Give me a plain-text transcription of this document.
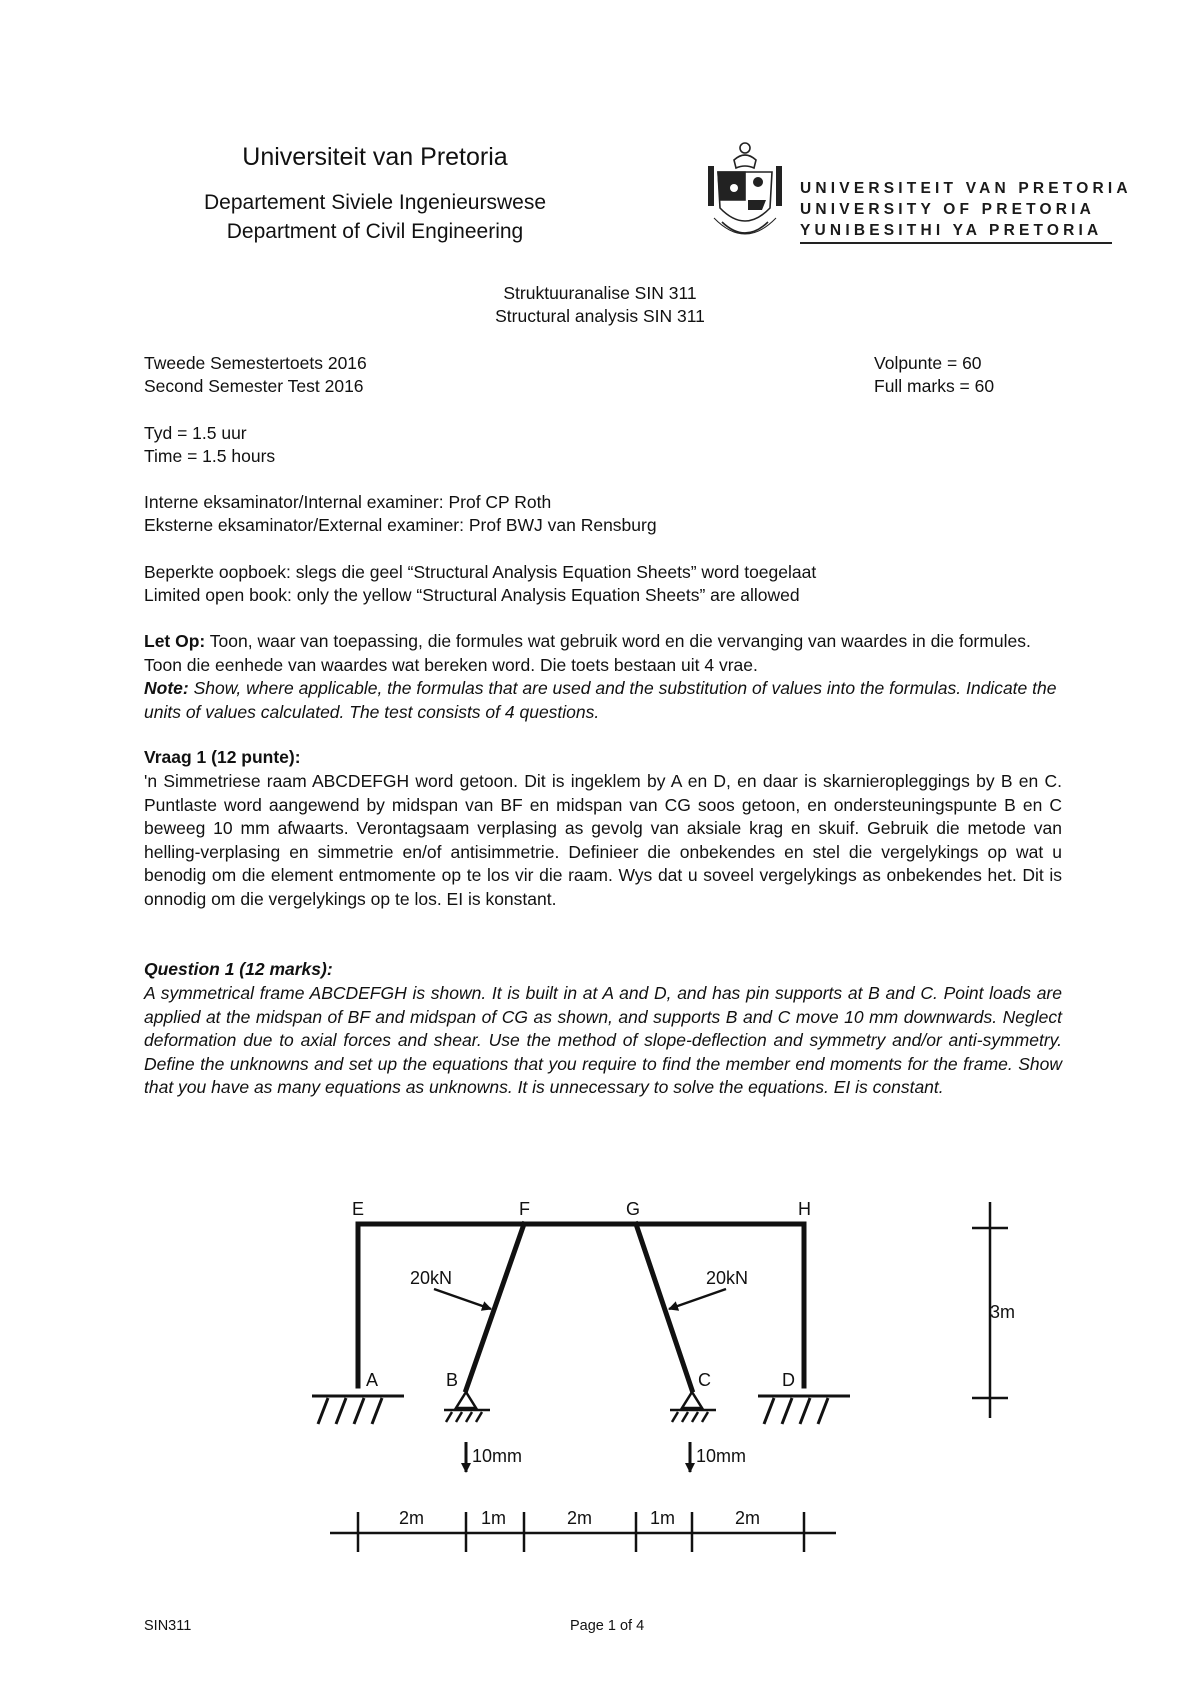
Universiteit van Pretoria
Departement Siviele Ingenieurswese
Department of Civil Engineering
UNIVERSITEIT VAN PRETORIA
UNIVERSITY OF PRETORIA
YUNIBESITHI YA PRETORIA
Struktuuranalise SIN 311
Structural analysis SIN 311
Tweede Semestertoets 2016
Second Semester Test 2016
Volpunte = 60
Full marks = 60
Tyd = 1.5 uur
Time = 1.5 hours
Interne eksaminator/Internal examiner: Prof CP Roth
Eksterne eksaminator/External examiner: Prof BWJ van Rensburg
Beperkte oopboek: slegs die geel “Structural Analysis Equation Sheets” word toegelaat
Limited open book: only the yellow “Structural Analysis Equation Sheets” are allowed
Let Op: Toon, waar van toepassing, die formules wat gebruik word en die vervanging van waardes in die formules. Toon die eenhede van waardes wat bereken word. Die toets bestaan uit 4 vrae.
Note: Show, where applicable, the formulas that are used and the substitution of values into the formulas. Indicate the units of values calculated. The test consists of 4 questions.
Vraag 1 (12 punte):
'n Simmetriese raam ABCDEFGH word getoon. Dit is ingeklem by A en D, en daar is skarnieropleggings by B en C. Puntlaste word aangewend by midspan van BF en midspan van CG soos getoon, en ondersteuningspunte B en C beweeg 10 mm afwaarts. Verontagsaam verplasing as gevolg van aksiale krag en skuif. Gebruik die metode van helling-verplasing en simmetrie en/of antisimmetrie. Definieer die onbekendes en stel die vergelykings op wat u benodig om die element entmomente op te los vir die raam. Wys dat u soveel vergelykings as onbekendes het. Dit is onnodig om die vergelykings op te los. EI is konstant.
Question 1 (12 marks):
A symmetrical frame ABCDEFGH is shown. It is built in at A and D, and has pin supports at B and C. Point loads are applied at the midspan of BF and midspan of CG as shown, and supports B and C move 10 mm downwards. Neglect deformation due to axial forces and shear. Use the method of slope-deflection and symmetry and/or anti-symmetry. Define the unknowns and set up the equations that you require to find the member end moments for the frame. Show that you have as many equations as unknowns. It is unnecessary to solve the equations. EI is constant.
E	F	G	H
A	B	C	D
20kN	20kN
10mm	10mm
3m
2m	1m	2m	1m	2m
SIN311	Page 1 of 4
